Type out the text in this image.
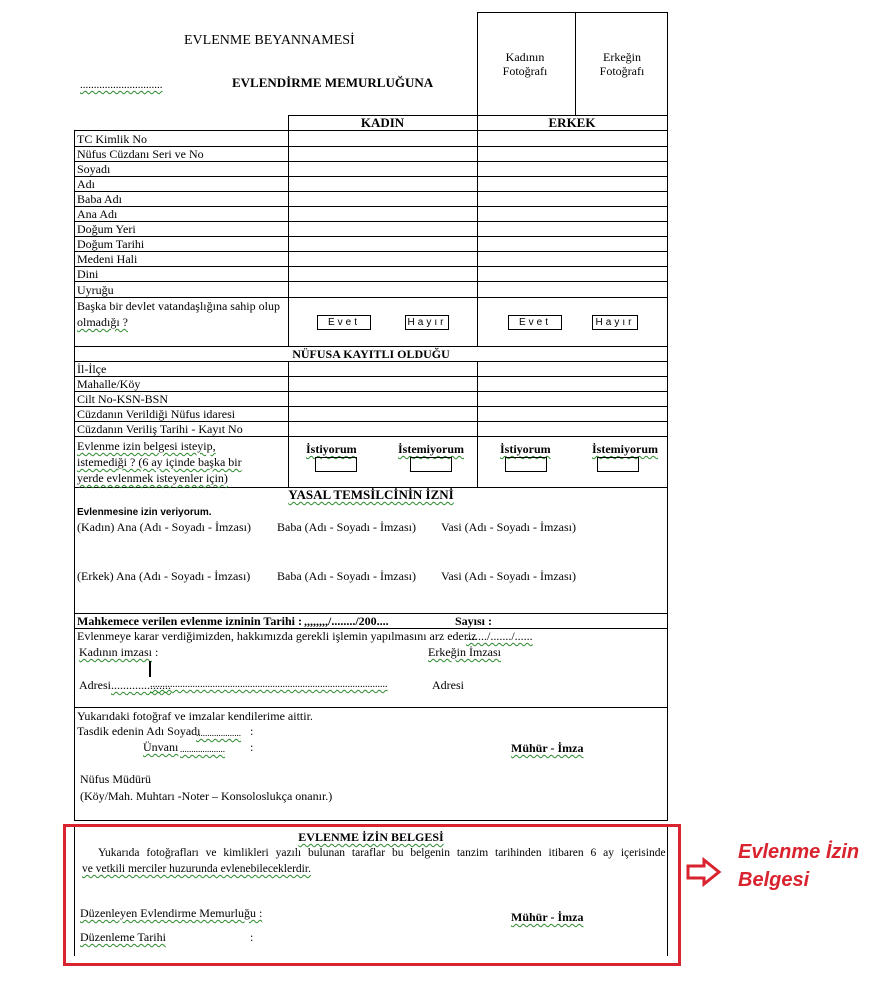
EVLENME BEYANNAMESİ
..............................	EVLENDİRME MEMURLUĞUNA
Kadının
Fotoğrafı
Erkeğin
Fotoğrafı
KADIN	ERKEK
TC Kimlik No
Nüfus Cüzdanı Seri ve No
Soyadı
Adı
Baba Adı
Ana Adı
Doğum Yeri
Doğum Tarihi
Medeni Hali
Dini
Uyruğu
Başka bir devlet vatandaşlığına sahip olup
olmadığı ?	Evet	Hayır	Evet	Hayır
NÜFUSA KAYITLI OLDUĞU
İl-İlçe
Mahalle/Köy
Cilt No-KSN-BSN
Cüzdanın Verildiği Nüfus idaresi
Cüzdanın Veriliş Tarihi - Kayıt No
Evlenme izin belgesi isteyip,
istemediği ? (6 ay içinde başka bir
yerde evlenmek isteyenler için)
İstiyorum	İstemiyorum	İstiyorum	İstemiyorum
YASAL TEMSİLCİNİN İZNİ
Evlenmesine izin veriyorum.
(Kadın) Ana (Adı - Soyadı - İmzası) Baba (Adı - Soyadı - İmzası) Vasi (Adı - Soyadı - İmzası)
(Erkek) Ana (Adı - Soyadı - İmzası) Baba (Adı - Soyadı - İmzası) Vasi (Adı - Soyadı - İmzası)
Mahkemece verilen evlenme izninin Tarihi : ,,,,,,,,/......../200....	Sayısı :
Evlenmeye karar verdiğimizden, hakkımızda gerekli işlemin yapılmasını arz ederiz
......./......./......
Kadının imzası :	Erkeğin İmzası
Adresi....................
...............................................................................................	Adresi
Yukarıdaki fotoğraf ve imzalar kendilerime aittir.
Tasdik edenin Adı Soyadı
.................... :
Ünvanı .................... :	Mühür - İmza
Nüfus Müdürü
(Köy/Mah. Muhtarı -Noter – Konsoloslukça onanır.)
EVLENME İZİN BELGESİ
Yukarıda fotoğrafları ve kimlikleri yazılı bulunan taraflar bu belgenin tanzim tarihinden itibaren 6 ay içerisinde
ve vetkili merciler huzurunda evlenebileceklerdir.
Düzenleyen Evlendirme Memurluğu :	Mühür - İmza
Düzenleme Tarihi	:
Evlenme İzin
Belgesi
